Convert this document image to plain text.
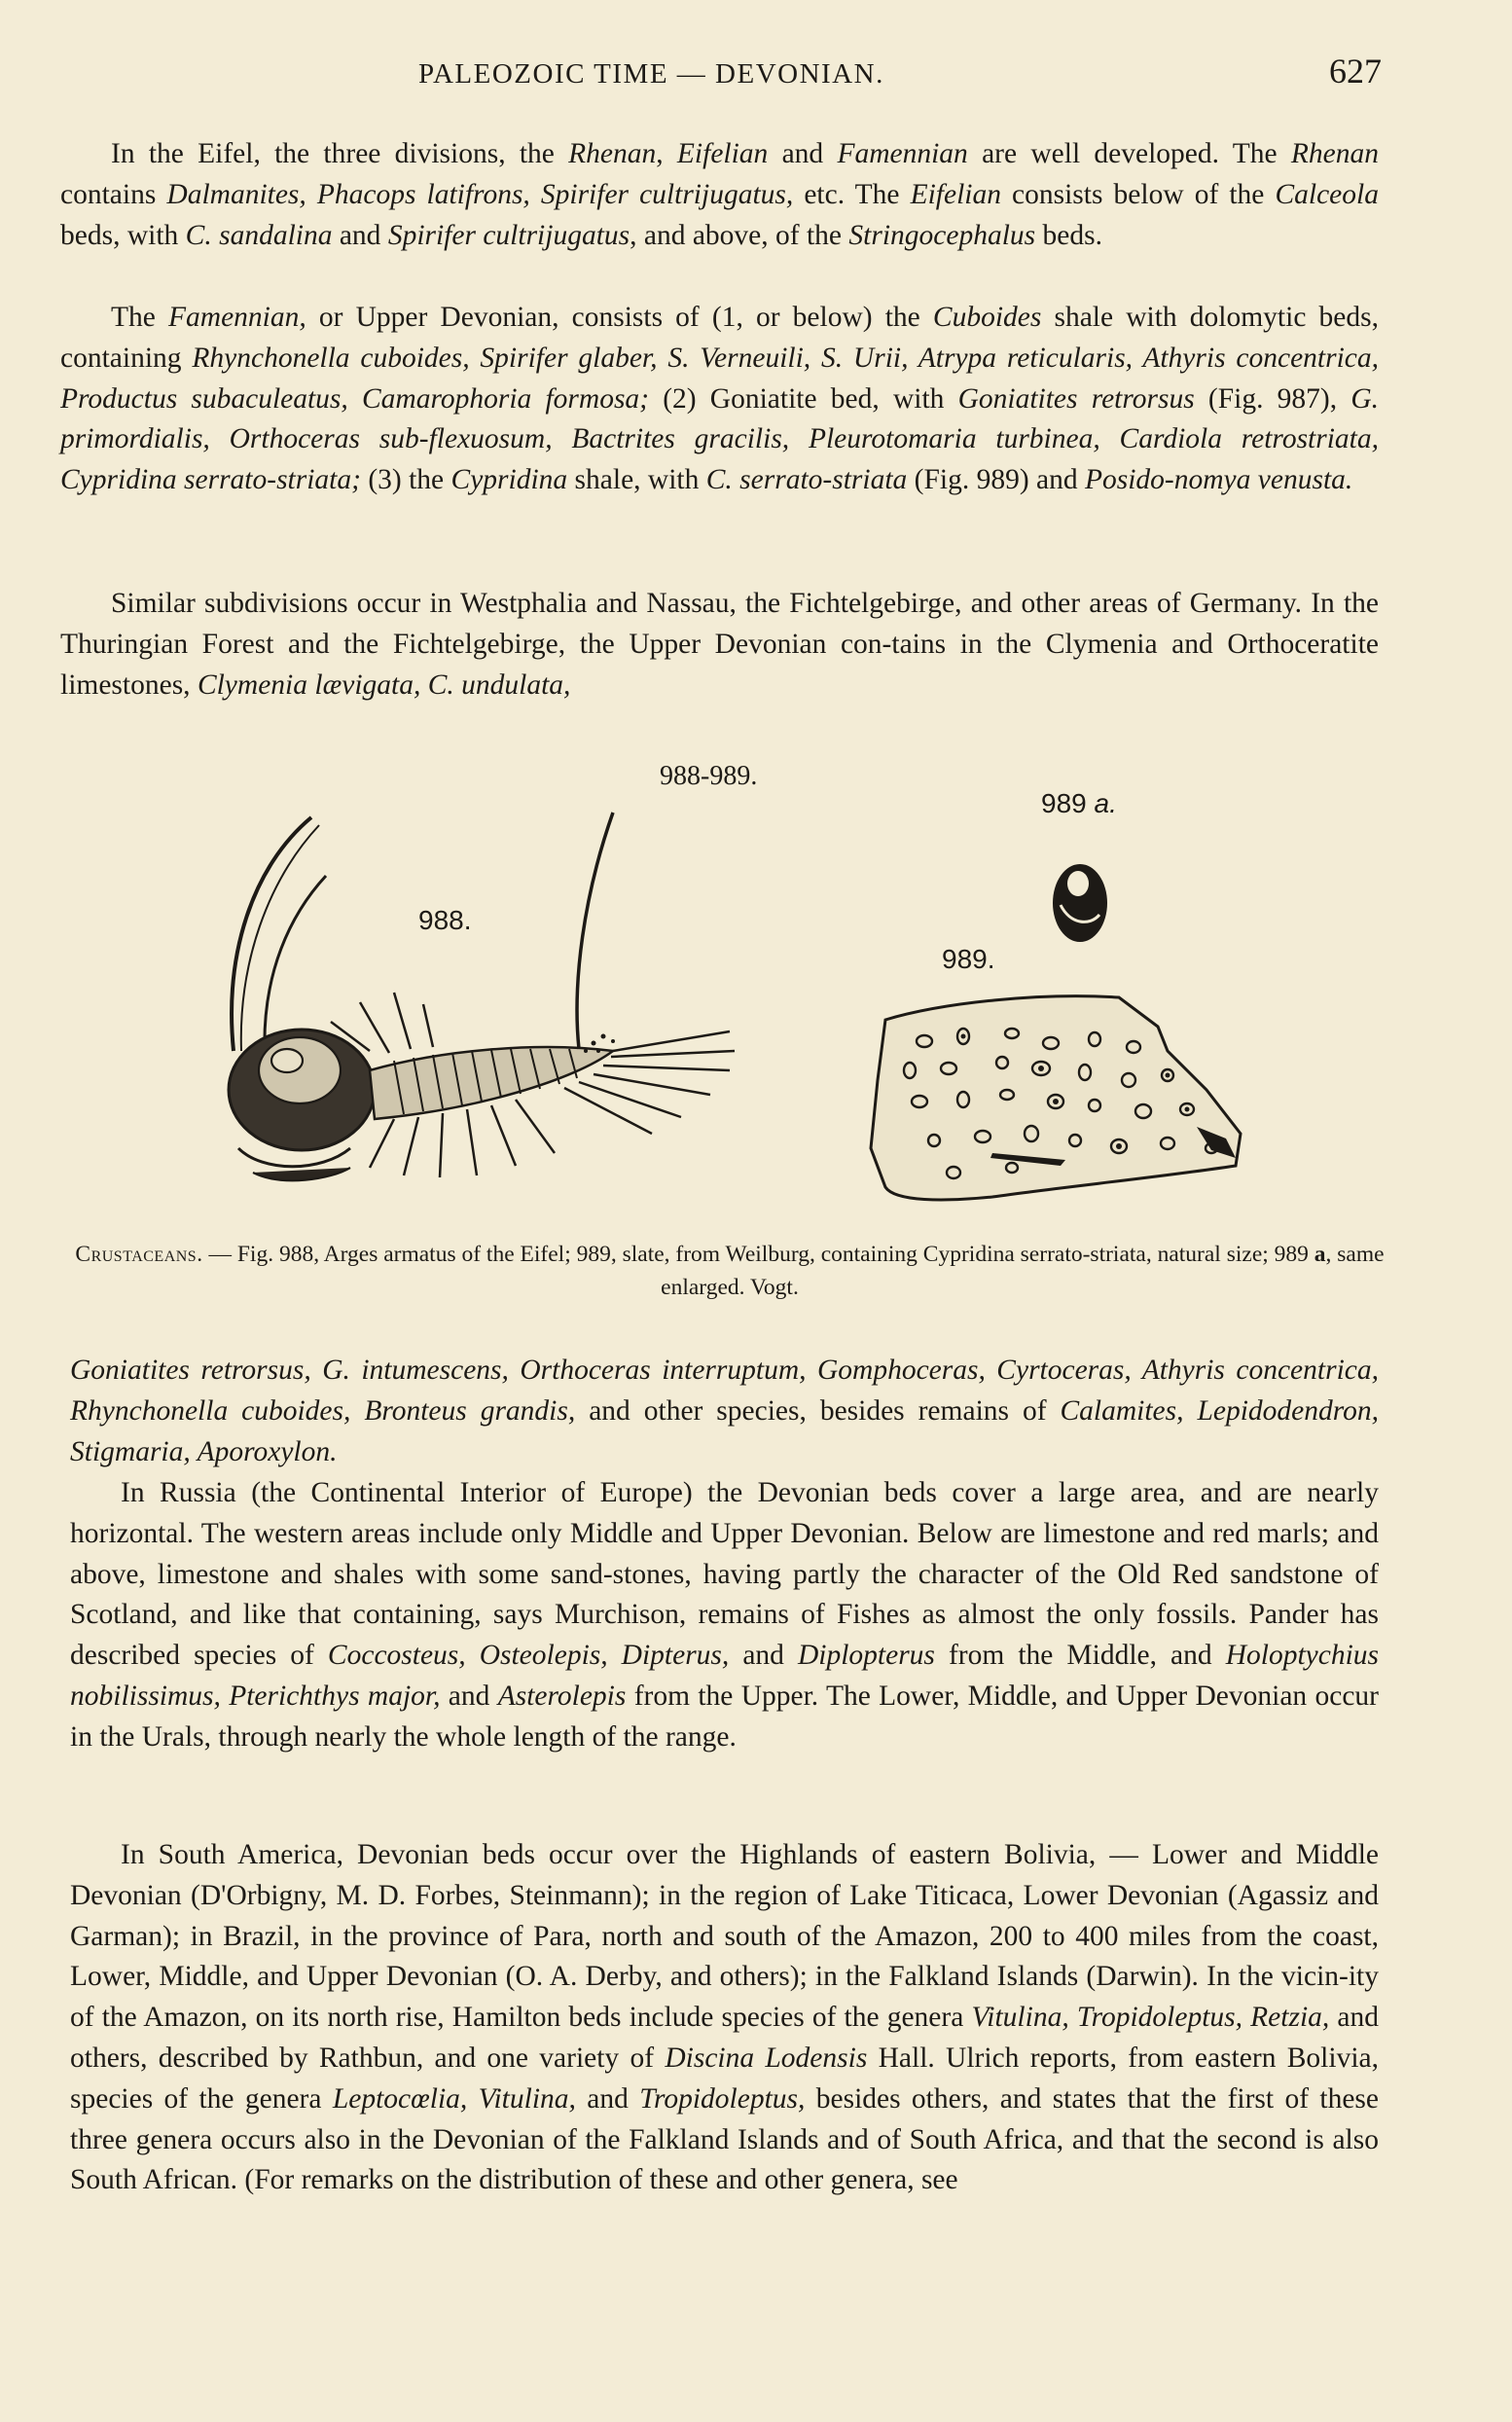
PALEOZOIC TIME — DEVONIAN.	627

In the Eifel, the three divisions, the Rhenan, Eifelian and Famennian are well developed. The Rhenan contains Dalmanites, Phacops latifrons, Spirifer cultrijugatus, etc. The Eifelian consists below of the Calceola beds, with C. sandalina and Spirifer cultrijugatus, and above, of the Stringocephalus beds.

The Famennian, or Upper Devonian, consists of (1, or below) the Cuboides shale with dolomytic beds, containing Rhynchonella cuboides, Spirifer glaber, S. Verneuili, S. Urii, Atrypa reticularis, Athyris concentrica, Productus subaculeatus, Camarophoria formosa; (2) Goniatite bed, with Goniatites retrorsus (Fig. 987), G. primordialis, Orthoceras sub-flexuosum, Bactrites gracilis, Pleurotomaria turbinea, Cardiola retrostriata, Cypridina serrato-striata; (3) the Cypridina shale, with C. serrato-striata (Fig. 989) and Posido-nomya venusta.

Similar subdivisions occur in Westphalia and Nassau, the Fichtelgebirge, and other areas of Germany. In the Thuringian Forest and the Fichtelgebirge, the Upper Devonian con-tains in the Clymenia and Orthoceratite limestones, Clymenia lævigata, C. undulata,

988-989.
988.
989.
989 a.
Crustaceans. — Fig. 988, Arges armatus of the Eifel; 989, slate, from Weilburg, containing Cypridina serrato-striata, natural size; 989 a, same enlarged. Vogt.

Goniatites retrorsus, G. intumescens, Orthoceras interruptum, Gomphoceras, Cyrtoceras, Athyris concentrica, Rhynchonella cuboides, Bronteus grandis, and other species, besides remains of Calamites, Lepidodendron, Stigmaria, Aporoxylon.

In Russia (the Continental Interior of Europe) the Devonian beds cover a large area, and are nearly horizontal. The western areas include only Middle and Upper Devonian. Below are limestone and red marls; and above, limestone and shales with some sand-stones, having partly the character of the Old Red sandstone of Scotland, and like that containing, says Murchison, remains of Fishes as almost the only fossils. Pander has described species of Coccosteus, Osteolepis, Dipterus, and Diplopterus from the Middle, and Holoptychius nobilissimus, Pterichthys major, and Asterolepis from the Upper. The Lower, Middle, and Upper Devonian occur in the Urals, through nearly the whole length of the range.

In South America, Devonian beds occur over the Highlands of eastern Bolivia, — Lower and Middle Devonian (D'Orbigny, M. D. Forbes, Steinmann); in the region of Lake Titicaca, Lower Devonian (Agassiz and Garman); in Brazil, in the province of Para, north and south of the Amazon, 200 to 400 miles from the coast, Lower, Middle, and Upper Devonian (O. A. Derby, and others); in the Falkland Islands (Darwin). In the vicin-ity of the Amazon, on its north rise, Hamilton beds include species of the genera Vitulina, Tropidoleptus, Retzia, and others, described by Rathbun, and one variety of Discina Lodensis Hall. Ulrich reports, from eastern Bolivia, species of the genera Leptocœlia, Vitulina, and Tropidoleptus, besides others, and states that the first of these three genera occurs also in the Devonian of the Falkland Islands and of South Africa, and that the second is also South African. (For remarks on the distribution of these and other genera, see
